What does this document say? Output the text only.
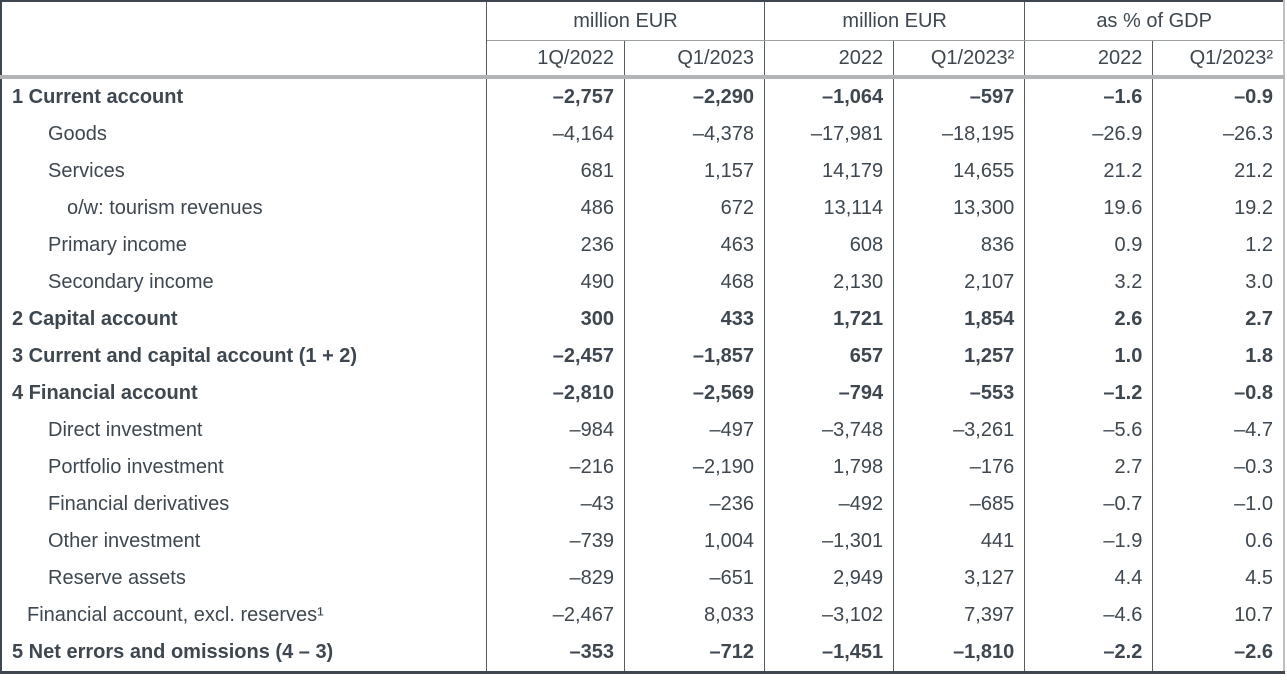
	million EUR		million EUR		as % of GDP	
	1Q/2022	Q1/2023	2022	Q1/2023²	2022	Q1/2023²
1 Current account	–2,757	–2,290	–1,064	–597	–1.6	–0.9
Goods	–4,164	–4,378	–17,981	–18,195	–26.9	–26.3
Services	681	1,157	14,179	14,655	21.2	21.2
o/w: tourism revenues	486	672	13,114	13,300	19.6	19.2
Primary income	236	463	608	836	0.9	1.2
Secondary income	490	468	2,130	2,107	3.2	3.0
2 Capital account	300	433	1,721	1,854	2.6	2.7
3 Current and capital account (1 + 2)	–2,457	–1,857	657	1,257	1.0	1.8
4 Financial account	–2,810	–2,569	–794	–553	–1.2	–0.8
Direct investment	–984	–497	–3,748	–3,261	–5.6	–4.7
Portfolio investment	–216	–2,190	1,798	–176	2.7	–0.3
Financial derivatives	–43	–236	–492	–685	–0.7	–1.0
Other investment	–739	1,004	–1,301	441	–1.9	0.6
Reserve assets	–829	–651	2,949	3,127	4.4	4.5
Financial account, excl. reserves¹	–2,467	8,033	–3,102	7,397	–4.6	10.7
5 Net errors and omissions (4 – 3)	–353	–712	–1,451	–1,810	–2.2	–2.6
